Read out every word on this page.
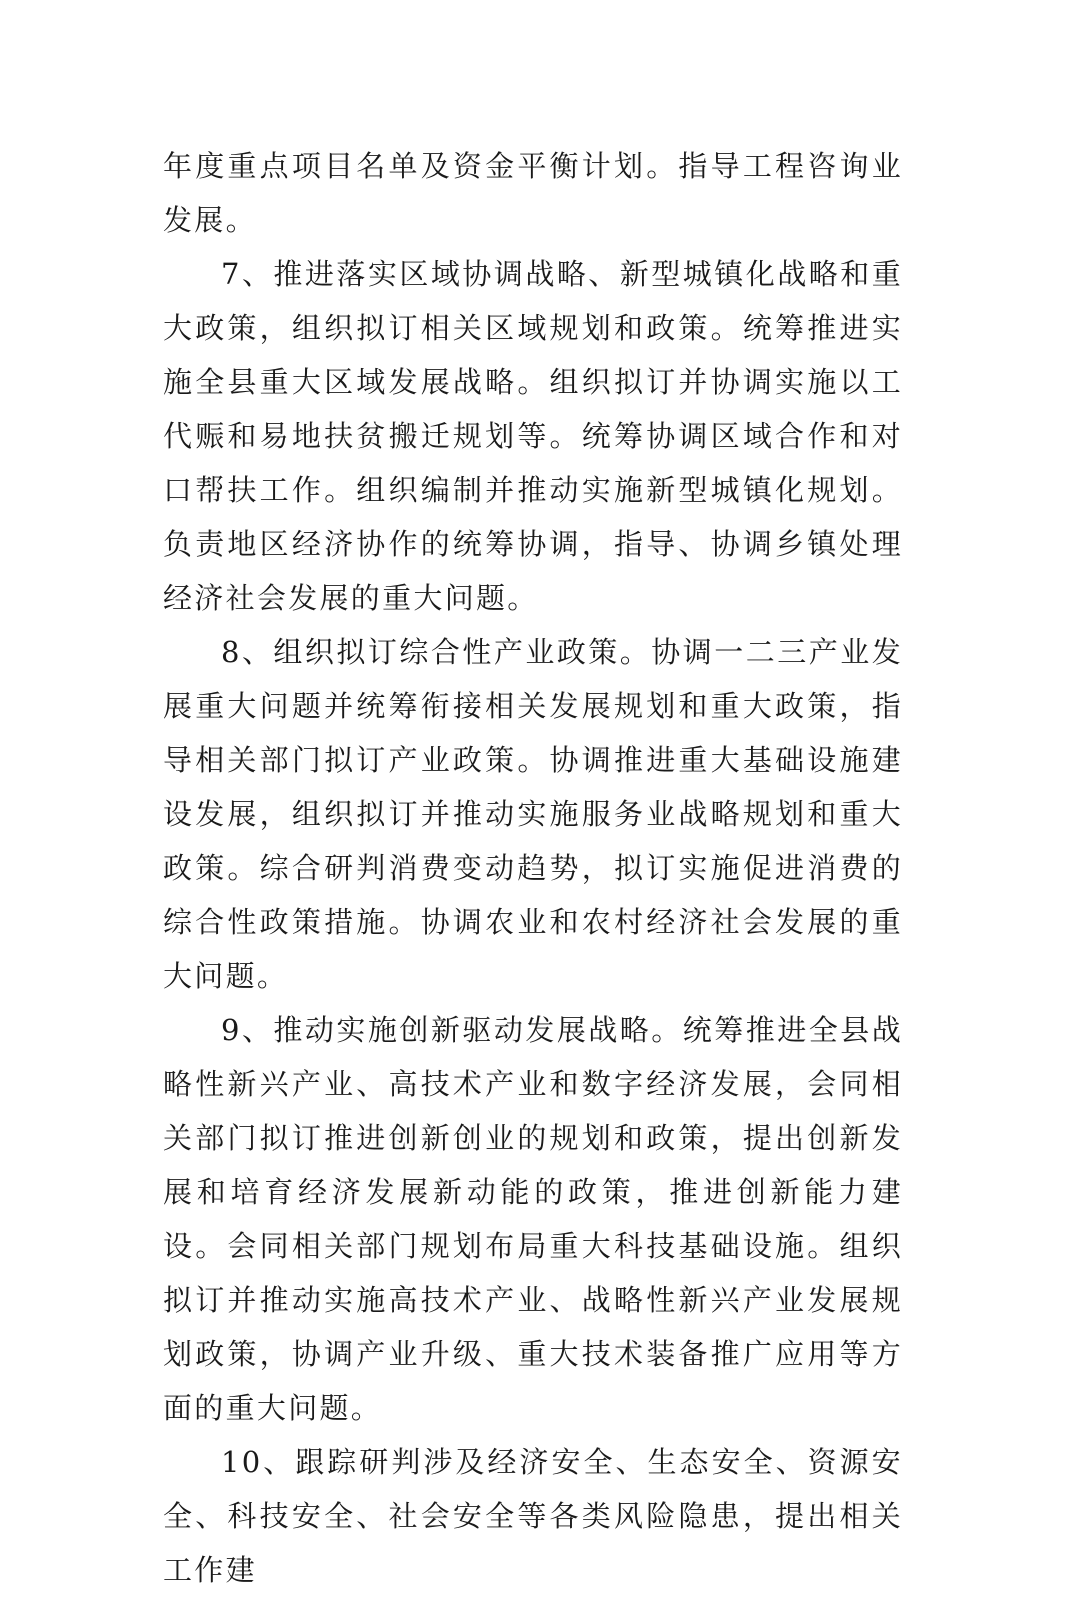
年度重点项目名单及资金平衡计划。指导工程咨询业发展。

7、推进落实区域协调战略、新型城镇化战略和重大政策，组织拟订相关区域规划和政策。统筹推进实施全县重大区域发展战略。组织拟订并协调实施以工代赈和易地扶贫搬迁规划等。统筹协调区域合作和对口帮扶工作。组织编制并推动实施新型城镇化规划。负责地区经济协作的统筹协调，指导、协调乡镇处理经济社会发展的重大问题。

8、组织拟订综合性产业政策。协调一二三产业发展重大问题并统筹衔接相关发展规划和重大政策，指导相关部门拟订产业政策。协调推进重大基础设施建设发展，组织拟订并推动实施服务业战略规划和重大政策。综合研判消费变动趋势，拟订实施促进消费的综合性政策措施。协调农业和农村经济社会发展的重大问题。

9、推动实施创新驱动发展战略。统筹推进全县战略性新兴产业、高技术产业和数字经济发展，会同相关部门拟订推进创新创业的规划和政策，提出创新发展和培育经济发展新动能的政策，推进创新能力建设。会同相关部门规划布局重大科技基础设施。组织拟订并推动实施高技术产业、战略性新兴产业发展规划政策，协调产业升级、重大技术装备推广应用等方面的重大问题。

10、跟踪研判涉及经济安全、生态安全、资源安全、科技安全、社会安全等各类风险隐患，提出相关工作建
